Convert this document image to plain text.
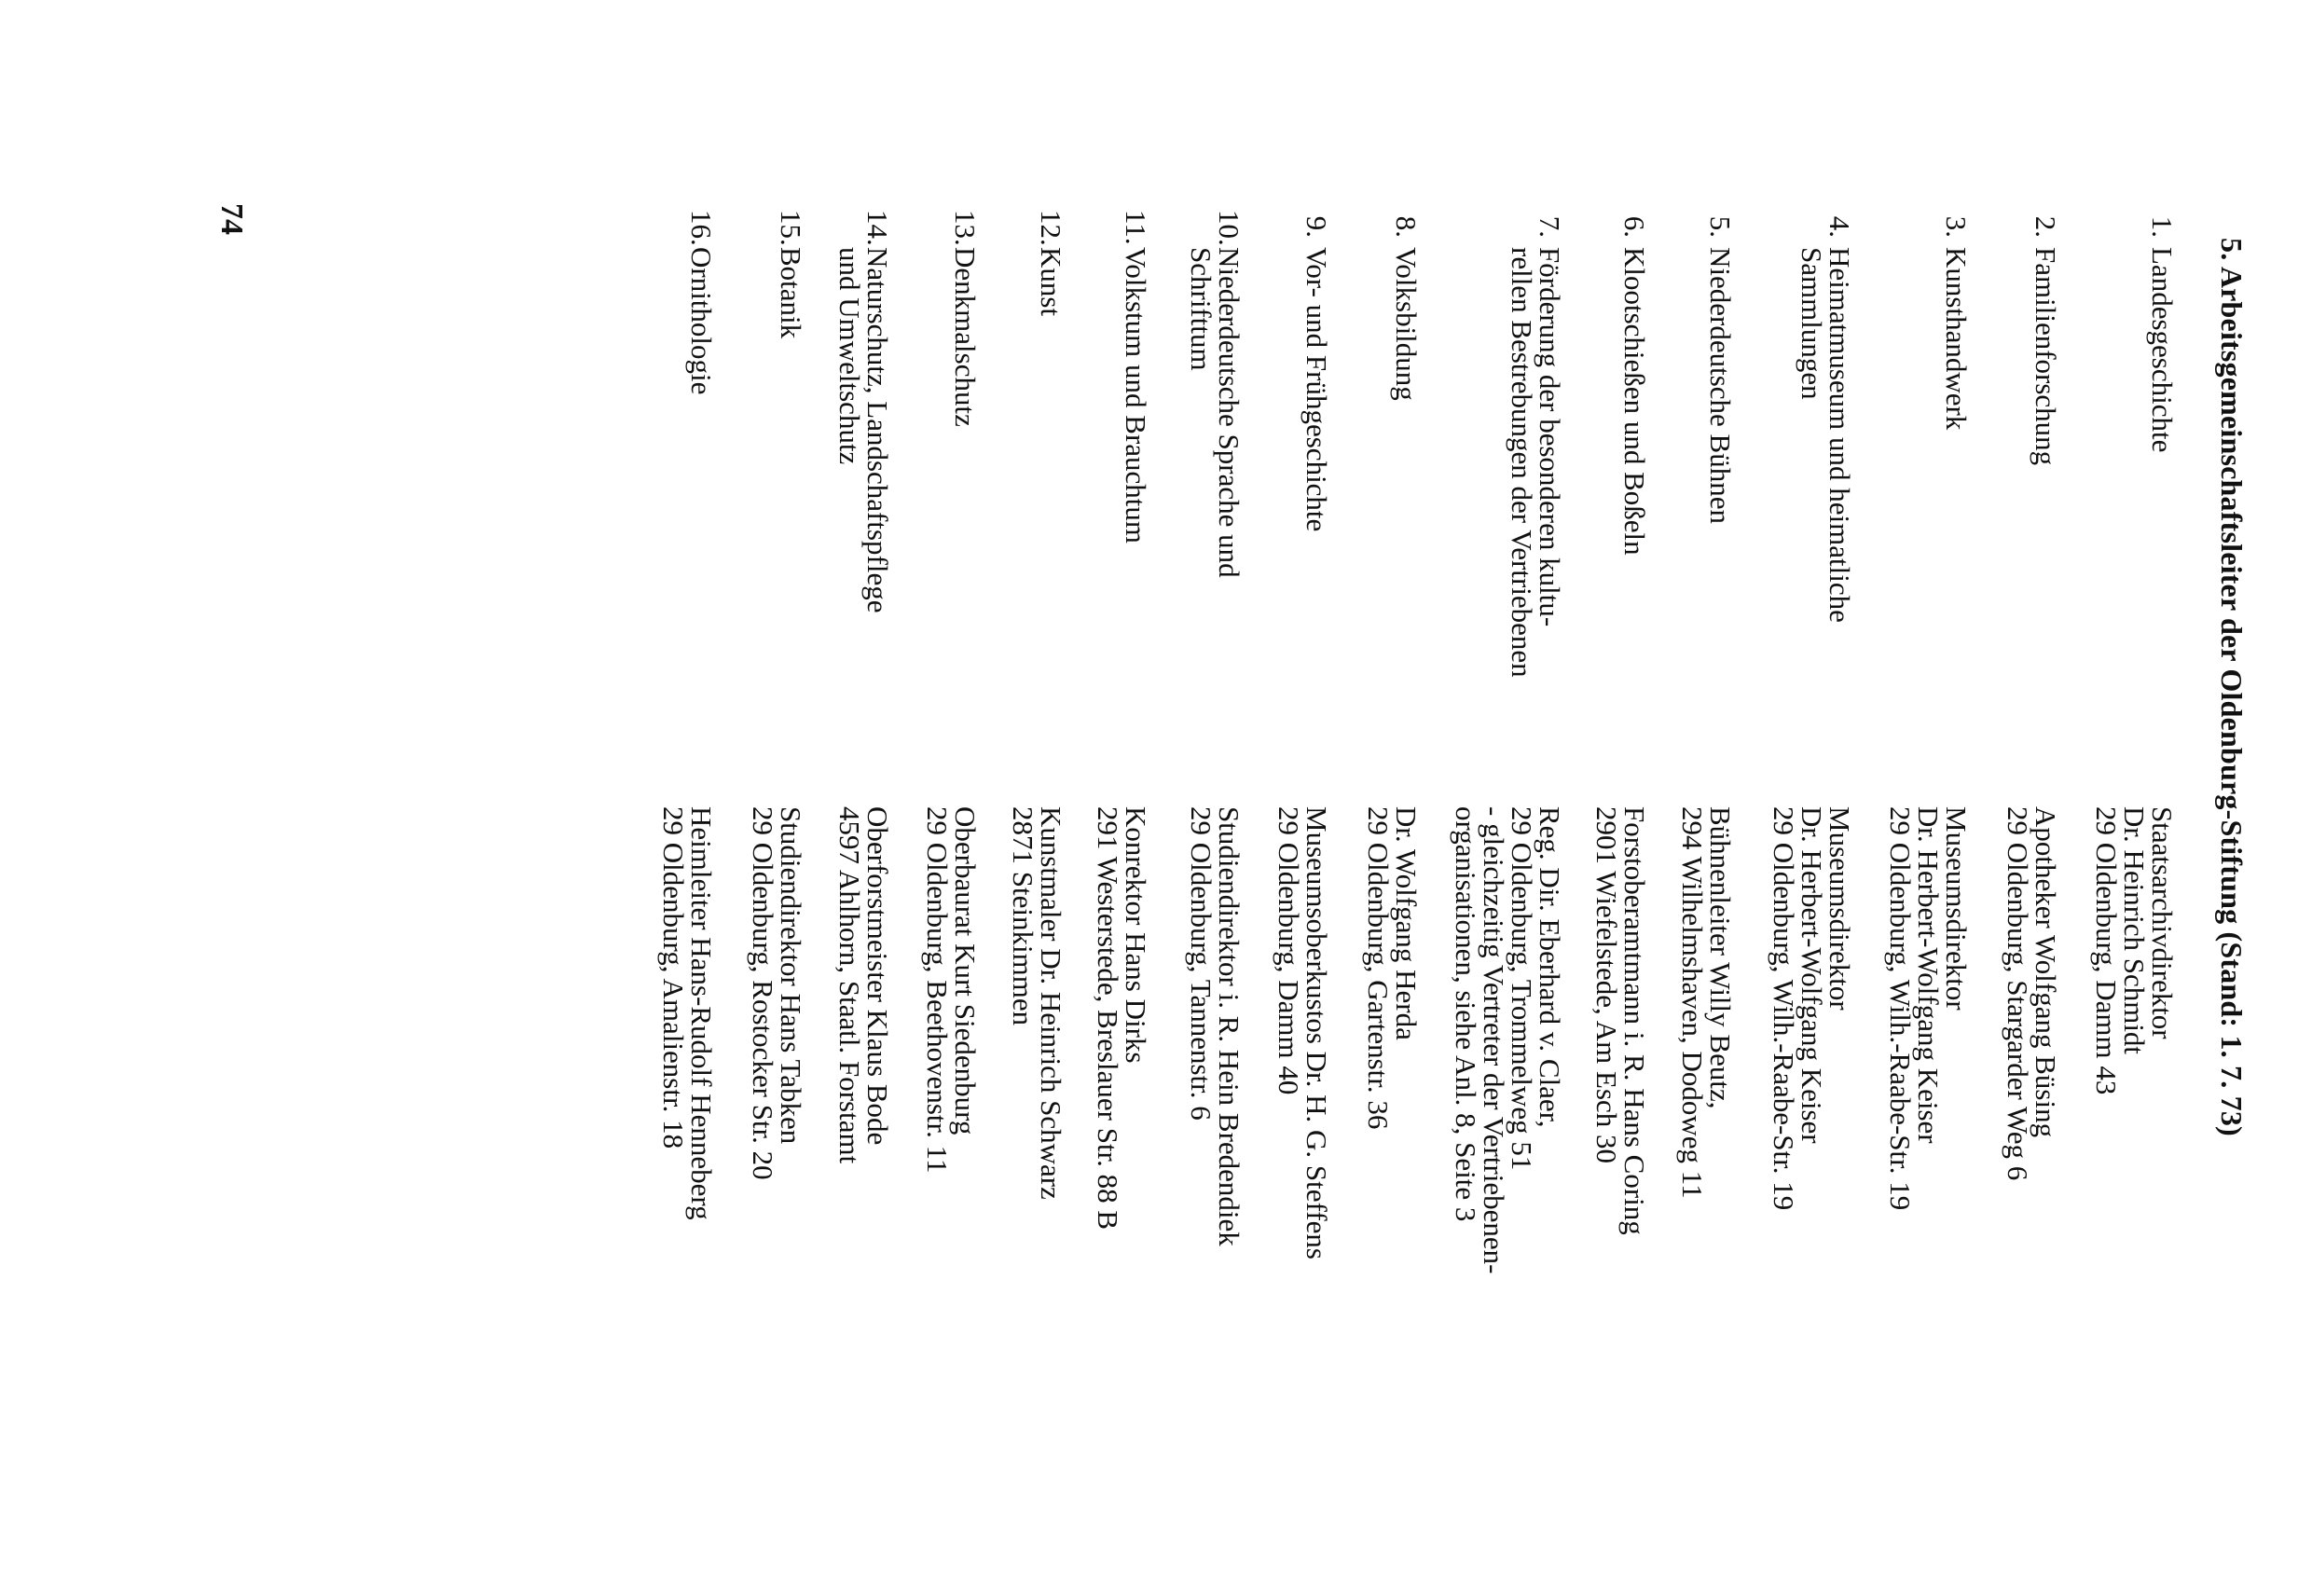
5. Arbeitsgemeinschaftsleiter der Oldenburg-Stiftung (Stand: 1. 7. 73)
1.
Landesgeschichte
Staatsarchivdirektor
Dr. Heinrich Schmidt
29 Oldenburg, Damm 43
2.
Familienforschung
Apotheker Wolfgang Büsing
29 Oldenburg, Stargarder Weg 6
3.
Kunsthandwerk
Museumsdirektor
Dr. Herbert-Wolfgang Keiser
29 Oldenburg, Wilh.-Raabe-Str. 19
4.
Heimatmuseum und heimatliche
Sammlungen
Museumsdirektor
Dr. Herbert-Wolfgang Keiser
29 Oldenburg, Wilh.-Raabe-Str. 19
5.
Niederdeutsche Bühnen
Bühnenleiter Willy Beutz,
294 Wilhelmshaven, Dodoweg 11
6.
Klootschießen und Boßeln
Forstoberamtmann i. R. Hans Coring
2901 Wiefelstede, Am Esch 30
7.
Förderung der besonderen kultu-
rellen Bestrebungen der Vertriebenen
Reg. Dir. Eberhard v. Claer,
29 Oldenburg, Trommelweg 51
- gleichzeitig Vertreter der Vertriebenen-
organisationen, siehe Anl. 8, Seite 3
8.
Volksbildung
Dr. Wolfgang Herda
29 Oldenburg, Gartenstr. 36
9.
Vor- und Frühgeschichte
Museumsoberkustos Dr. H. G. Steffens
29 Oldenburg, Damm 40
10.
Niederdeutsche Sprache und
Schrifttum
Studiendirektor i. R. Hein Bredendiek
29 Oldenburg, Tannenstr. 6
11.
Volkstum und Brauchtum
Konrektor Hans Dirks
291 Westerstede, Breslauer Str. 88 B
12.
Kunst
Kunstmaler Dr. Heinrich Schwarz
2871 Steinkimmen
13.
Denkmalschutz
Oberbaurat Kurt Siedenburg
29 Oldenburg, Beethovenstr. 11
14.
Naturschutz, Landschaftspflege
und Umweltschutz
Oberforstmeister Klaus Bode
4597 Ahlhorn, Staatl. Forstamt
15.
Botanik
Studiendirektor Hans Tabken
29 Oldenburg, Rostocker Str. 20
16.
Ornithologie
Heimleiter Hans-Rudolf Henneberg
29 Oldenburg, Amalienstr. 18
74
